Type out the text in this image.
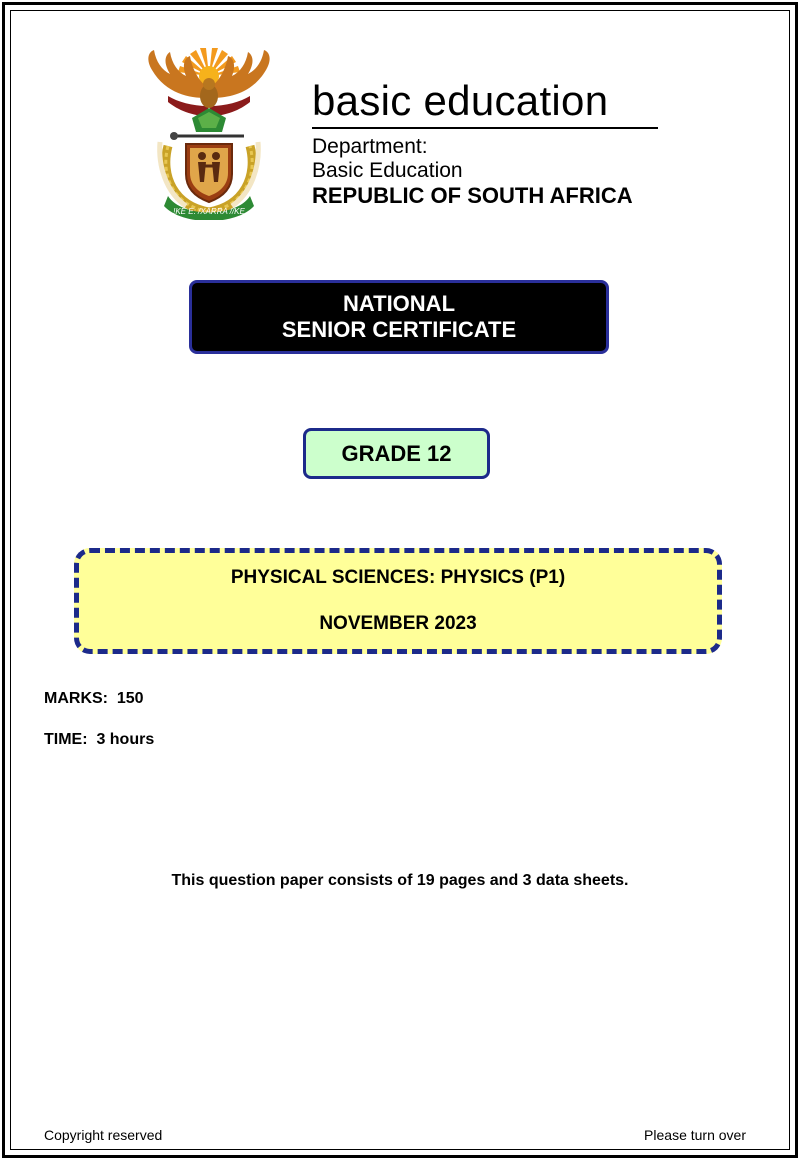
!KE E: /XARRA //KE
basic education
Department:
Basic Education
REPUBLIC OF SOUTH AFRICA
NATIONAL
SENIOR CERTIFICATE
GRADE 12
PHYSICAL SCIENCES: PHYSICS (P1)
NOVEMBER 2023
MARKS:  150
TIME:  3 hours
This question paper consists of 19 pages and 3 data sheets.
Copyright reserved	Please turn over
